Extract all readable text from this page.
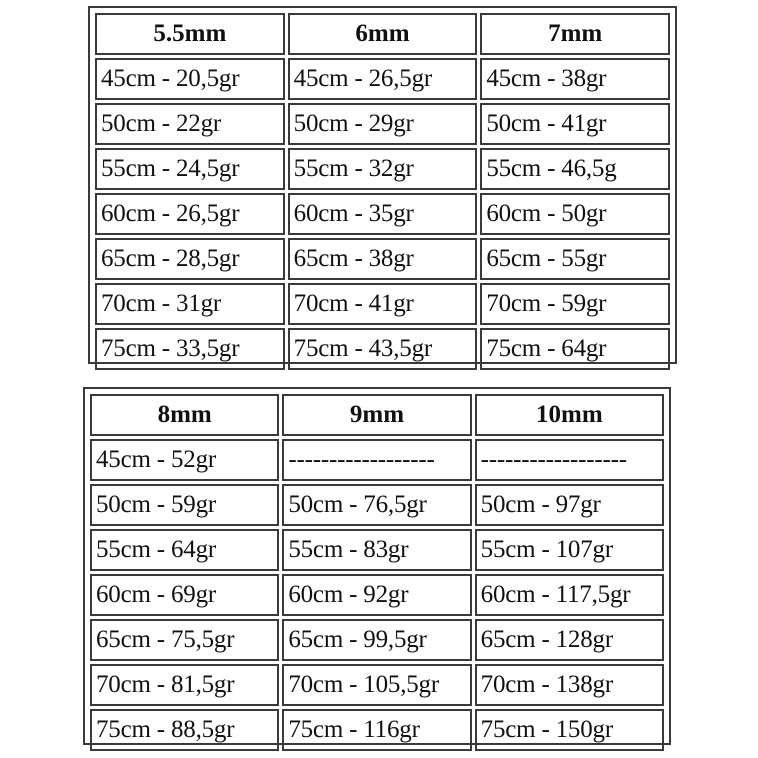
5.5mm	6mm	7mm
45cm - 20,5gr	45cm - 26,5gr	45cm - 38gr
50cm - 22gr	50cm - 29gr	50cm - 41gr
55cm - 24,5gr	55cm - 32gr	55cm - 46,5g
60cm - 26,5gr	60cm - 35gr	60cm - 50gr
65cm - 28,5gr	65cm - 38gr	65cm - 55gr
70cm - 31gr	70cm - 41gr	70cm - 59gr
75cm - 33,5gr	75cm - 43,5gr	75cm - 64gr
8mm	9mm	10mm
45cm - 52gr	------------------	------------------
50cm - 59gr	50cm - 76,5gr	50cm - 97gr
55cm - 64gr	55cm - 83gr	55cm - 107gr
60cm - 69gr	60cm - 92gr	60cm - 117,5gr
65cm - 75,5gr	65cm - 99,5gr	65cm - 128gr
70cm - 81,5gr	70cm - 105,5gr	70cm - 138gr
75cm - 88,5gr	75cm - 116gr	75cm - 150gr
